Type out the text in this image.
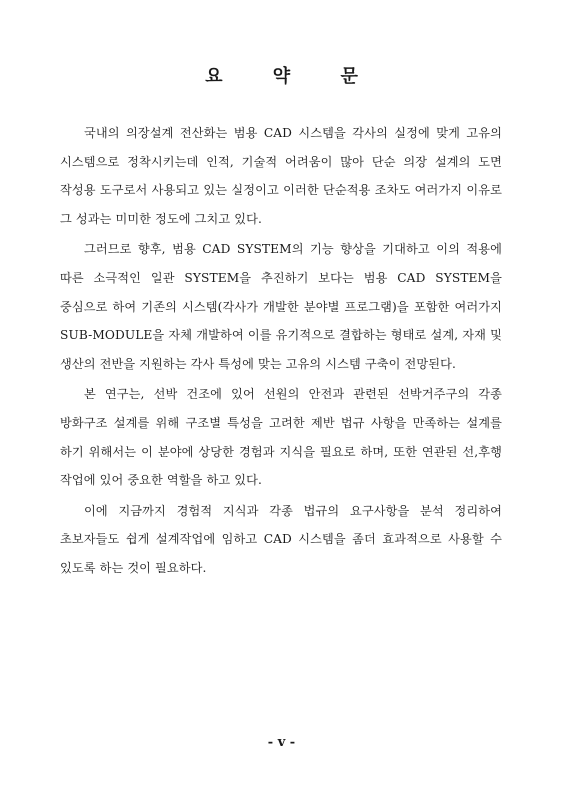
요 약 문

국내의 의장설계 전산화는 범용 CAD 시스템을 각사의 실정에 맞게 고유의 시스템으로 정착시키는데 인적, 기술적 어려움이 많아 단순 의장 설계의 도면 작성용 도구로서 사용되고 있는 실정이고 이러한 단순적용 조차도 여러가지 이유로 그 성과는 미미한 정도에 그치고 있다.

그러므로 향후, 범용 CAD SYSTEM의 기능 향상을 기대하고 이의 적용에 따른 소극적인 일관 SYSTEM을 추진하기 보다는 범용 CAD SYSTEM을 중심으로 하여 기존의 시스템(각사가 개발한 분야별 프로그램)을 포함한 여러가지 SUB-MODULE을 자체 개발하여 이를 유기적으로 결합하는 형태로 설계, 자재 및 생산의 전반을 지원하는 각사 특성에 맞는 고유의 시스템 구축이 전망된다.

본 연구는, 선박 건조에 있어 선원의 안전과 관련된 선박거주구의 각종 방화구조 설계를 위해 구조별 특성을 고려한 제반 법규 사항을 만족하는 설계를 하기 위해서는 이 분야에 상당한 경험과 지식을 필요로 하며, 또한 연관된 선,후행 작업에 있어 중요한 역할을 하고 있다.

이에 지금까지 경험적 지식과 각종 법규의 요구사항을 분석 정리하여 초보자들도 쉽게 설계작업에 임하고 CAD 시스템을 좀더 효과적으로 사용할 수 있도록 하는 것이 필요하다.

- v -
